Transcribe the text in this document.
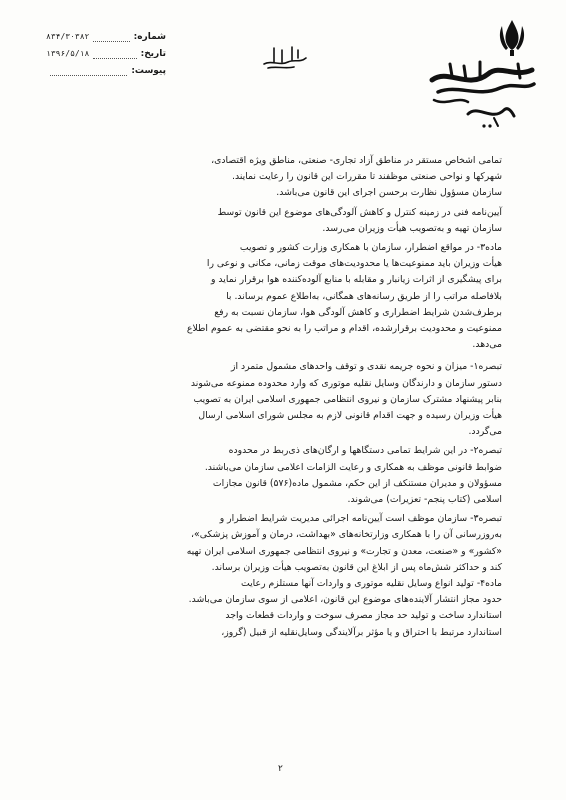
شماره:
۸۳۴/۳۰۳۸۲
تاریخ:
۱۳۹۶/۵/۱۸
پیوست:

تمامی اشخاص مستقر در مناطق آزاد تجاری- صنعتی، مناطق ویژه اقتصادی،

شهرکها و نواحی صنعتی موظفند تا مقررات این قانون را رعایت نمایند.

سازمان مسؤول نظارت برحسن اجرای این قانون می‌باشد.

آیین‌نامه فنی در زمینه کنترل و کاهش آلودگی‌های موضوع این قانون توسط

سازمان تهیه و به‌تصویب هیأت وزیران می‌رسد.

ماده۳- در مواقع اضطرار، سازمان با همکاری وزارت کشور و تصویب

هیأت وزیران باید ممنوعیت‌ها یا محدودیت‌های موقت زمانی، مکانی و نوعی را

برای پیشگیری از اثرات زیانبار و مقابله با منابع آلوده‌کننده هوا برقرار نماید و

بلافاصله مراتب را از طریق رسانه‌های همگانی، به‌اطلاع عموم برساند. با

برطرف‌شدن شرایط اضطراری و کاهش آلودگی هوا، سازمان نسبت به رفع

ممنوعیت و محدودیت برقرارشده، اقدام و مراتب را به نحو مقتضی به عموم اطلاع

می‌دهد.

تبصره۱- میزان و نحوه جریمه نقدی و توقف واحدهای مشمول متمرد از

دستور سازمان و دارندگان وسایل نقلیه موتوری که وارد محدوده ممنوعه می‌شوند

بنابر پیشنهاد مشترک سازمان و نیروی انتظامی جمهوری اسلامی ایران به تصویب

هیأت وزیران رسیده و جهت اقدام قانونی لازم به مجلس شورای اسلامی ارسال

می‌گردد.

تبصره۲- در این شرایط تمامی دستگاهها و ارگان‌های ذی‌ربط در محدوده

ضوابط قانونی موظف به همکاری و رعایت الزامات اعلامی سازمان می‌باشند.

مسؤولان و مدیران مستنکف از این حکم، مشمول ماده(۵۷۶) قانون مجازات

اسلامی (کتاب پنجم- تعزیرات) می‌شوند.

تبصره۳- سازمان موظف است آیین‌نامه اجرائی مدیریت شرایط اضطرار و

به‌روزرسانی آن را با همکاری وزارتخانه‌های «بهداشت، درمان و آموزش پزشکی»،

«کشور» و «صنعت، معدن و تجارت» و نیروی انتظامی جمهوری اسلامی ایران تهیه

کند و حداکثر شش‌ماه پس از ابلاغ این قانون به‌تصویب هیأت وزیران برساند.

ماده۴- تولید انواع وسایل نقلیه موتوری و واردات آنها مستلزم رعایت

حدود مجاز انتشار آلاینده‌های موضوع این قانون، اعلامی از سوی سازمان می‌باشد.

استاندارد ساخت و تولید حد مجاز مصرف سوخت و واردات قطعات واجد

استاندارد مرتبط با احتراق و یا مؤثر برآلایندگی وسایل‌نقلیه از قبیل (گروز،

۲
